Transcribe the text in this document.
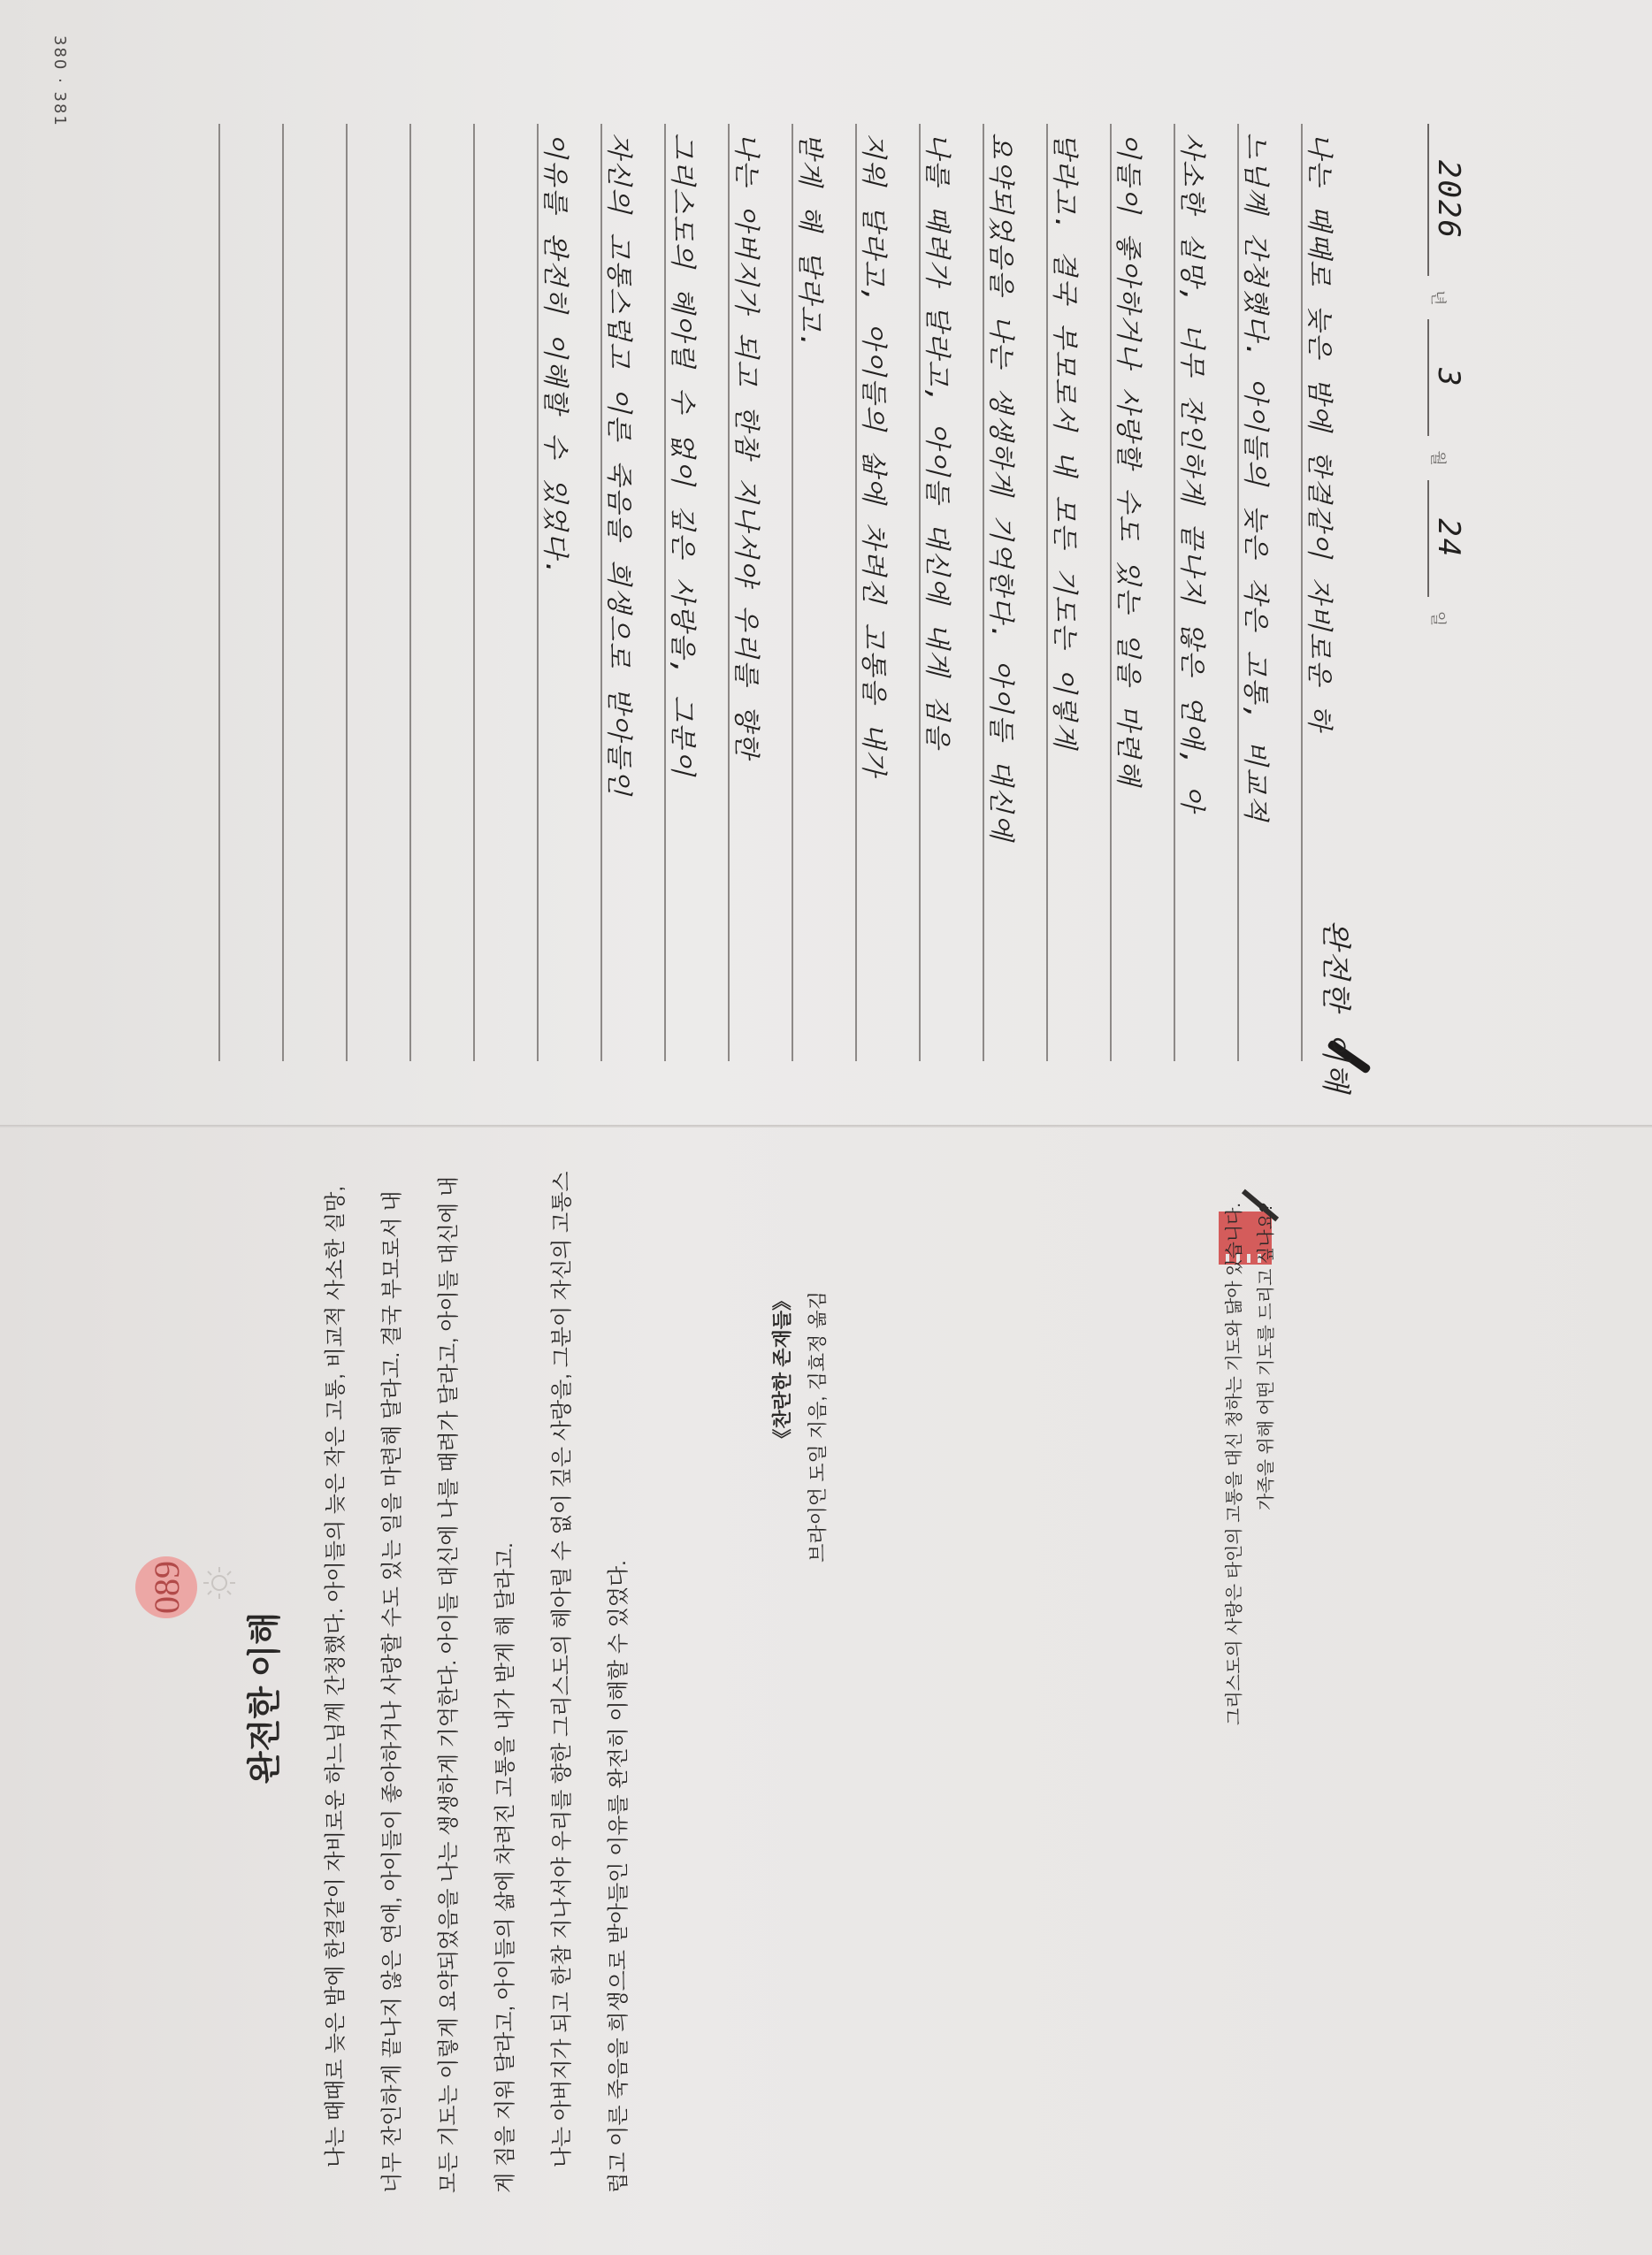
2026
년
3
월
24
일
완전한 이해
나는 때때로 늦은 밤에 한결같이 자비로운 하
느님께 간청했다. 아이들의 늦은 작은 고통, 비교적
사소한 실망, 너무 잔인하게 끝나지 않은 연애, 아
이들이 좋아하거나 사랑할 수도 있는 일을 마련해
달라고. 결국 부모로서 내 모든 기도는 이렇게
요약되었음을 나는 생생하게 기억한다. 아이들 대신에
나를 때려가 달라고, 아이들 대신에 내게 짐을
지워 달라고, 아이들의 삶에 차려진 고통을 내가
받게 해 달라고.
나는 아버지가 되고 한참 지나서야 우리를 향한
그리스도의 헤아릴 수 없이 깊은 사랑을, 그분이
자신의 고통스럽고 이른 죽음을 희생으로 받아들인
이유를 완전히 이해할 수 있었다.
380 · 381
089
완전한 이해	나는 때때로 늦은 밤에 한결같이 자비로운 하느님께 간청했다. 아이들의 늦은 작은 고통, 비교적 사소한 실망, 너무 잔인하게 끝나지 않은 연애, 아이들이 좋아하거나 사랑할 수도 있는 일을 마련해 달라고. 결국 부모로서 내 모든 기도는 이렇게 요약되었음을 나는 생생하게 기억한다. 아이들 대신에 나를 때려가 달라고, 아이들 대신에 내게 짐을 지워 달라고, 아이들의 삶에 차려진 고통을 내가 받게 해 달라고.	나는 아버지가 되고 한참 지나서야 우리를 향한 그리스도의 헤아릴 수 없이 깊은 사랑을, 그분이 자신의 고통스럽고 이른 죽음을 희생으로 받아들인 이유를 완전히 이해할 수 있었다.

《찬란한 존재들》 브라이언 도일 지음, 김효정 옮김	그리스도의 사랑은 타인의 고통을 대신 청하는 기도와 닮아 있습니다. 가족을 위해 어떤 기도를 드리고 싶나요?
